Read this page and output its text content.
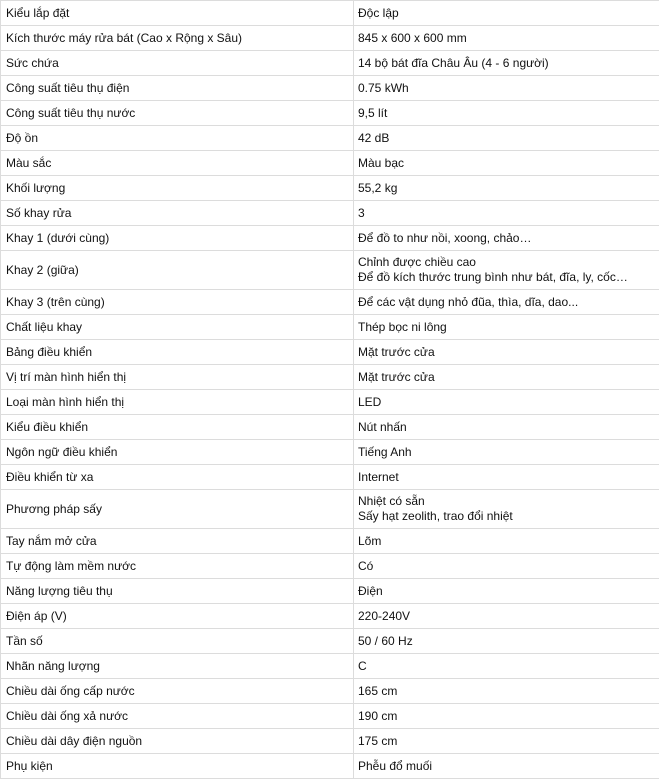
Kiểu lắp đặt	Độc lập

Kích thước máy rửa bát (Cao x Rộng x Sâu)	845 x 600 x 600 mm

Sức chứa	14 bộ bát đĩa Châu Âu (4 - 6 người)

Công suất tiêu thụ điện	0.75 kWh

Công suất tiêu thụ nước	9,5 lít

Độ ồn	42 dB

Màu sắc	Màu bạc

Khối lượng	55,2 kg

Số khay rửa	3

Khay 1 (dưới cùng)	Để đồ to như nồi, xoong, chảo…

Khay 2 (giữa)	Chỉnh được chiều cao
Để đồ kích thước trung bình như bát, đĩa, ly, cốc…

Khay 3 (trên cùng)	Để các vật dụng nhỏ đũa, thìa, dĩa, dao...

Chất liệu khay	Thép bọc ni lông

Bảng điều khiển	Mặt trước cửa

Vị trí màn hình hiển thị	Mặt trước cửa

Loại màn hình hiển thị	LED

Kiểu điều khiển	Nút nhấn

Ngôn ngữ điều khiển	Tiếng Anh

Điều khiển từ xa	Internet

Phương pháp sấy	Nhiệt có sẵn
Sấy hạt zeolith, trao đổi nhiệt

Tay nắm mở cửa	Lõm

Tự động làm mềm nước	Có

Năng lượng tiêu thụ	Điện

Điện áp (V)	220-240V

Tần số	50 / 60 Hz

Nhãn năng lượng	C

Chiều dài ống cấp nước	165 cm

Chiều dài ống xả nước	190 cm

Chiều dài dây điện nguồn	175 cm

Phụ kiện	Phễu đổ muối
